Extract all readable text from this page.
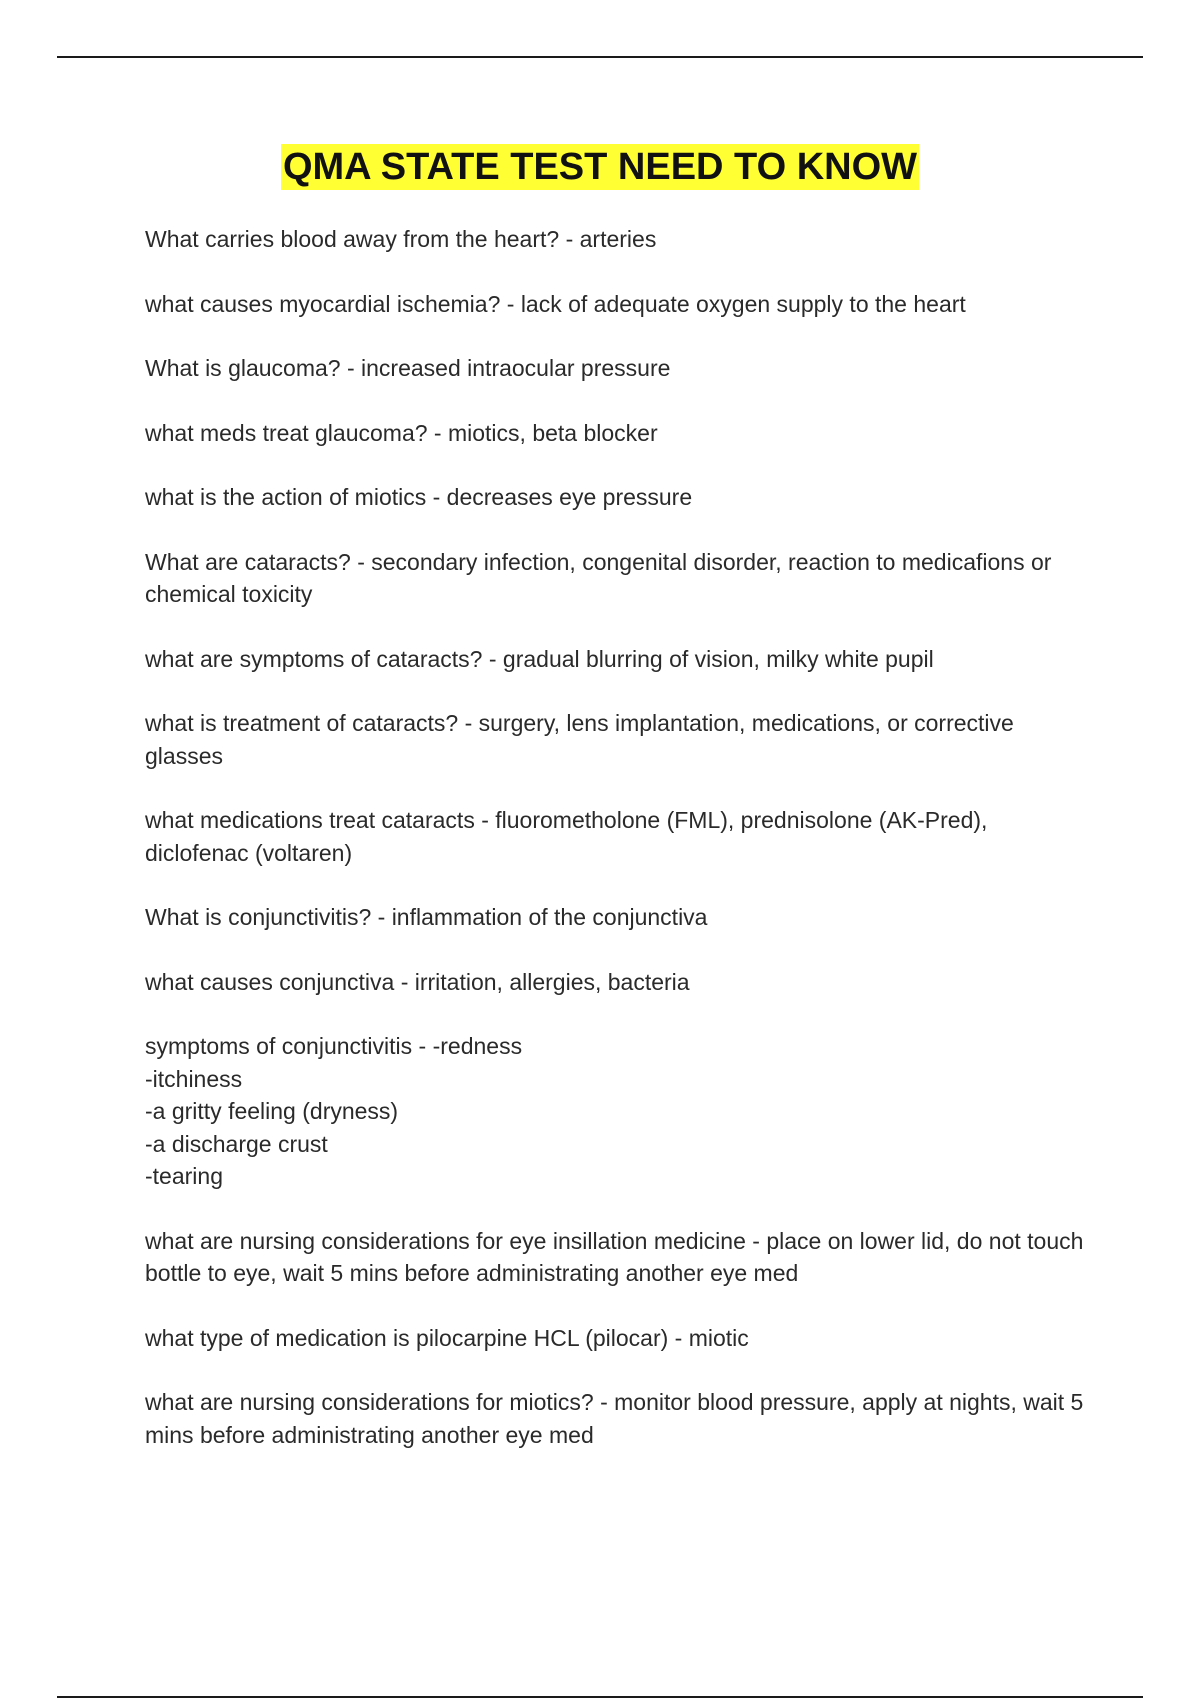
QMA STATE TEST NEED TO KNOW

What carries blood away from the heart? - arteries

what causes myocardial ischemia? - lack of adequate oxygen supply to the heart

What is glaucoma? - increased intraocular pressure

what meds treat glaucoma? - miotics, beta blocker

what is the action of miotics - decreases eye pressure

What are cataracts? - secondary infection, congenital disorder, reaction to medicafions or chemical toxicity

what are symptoms of cataracts? - gradual blurring of vision, milky white pupil

what is treatment of cataracts? - surgery, lens implantation, medications, or corrective glasses

what medications treat cataracts - fluorometholone (FML), prednisolone (AK-Pred), diclofenac (voltaren)

What is conjunctivitis? - inflammation of the conjunctiva

what causes conjunctiva - irritation, allergies, bacteria

symptoms of conjunctivitis - -redness
-itchiness
-a gritty feeling (dryness)
-a discharge crust
-tearing

what are nursing considerations for eye insillation medicine - place on lower lid, do not touch bottle to eye, wait 5 mins before administrating another eye med

what type of medication is pilocarpine HCL (pilocar) - miotic

what are nursing considerations for miotics? - monitor blood pressure, apply at nights, wait 5 mins before administrating another eye med
